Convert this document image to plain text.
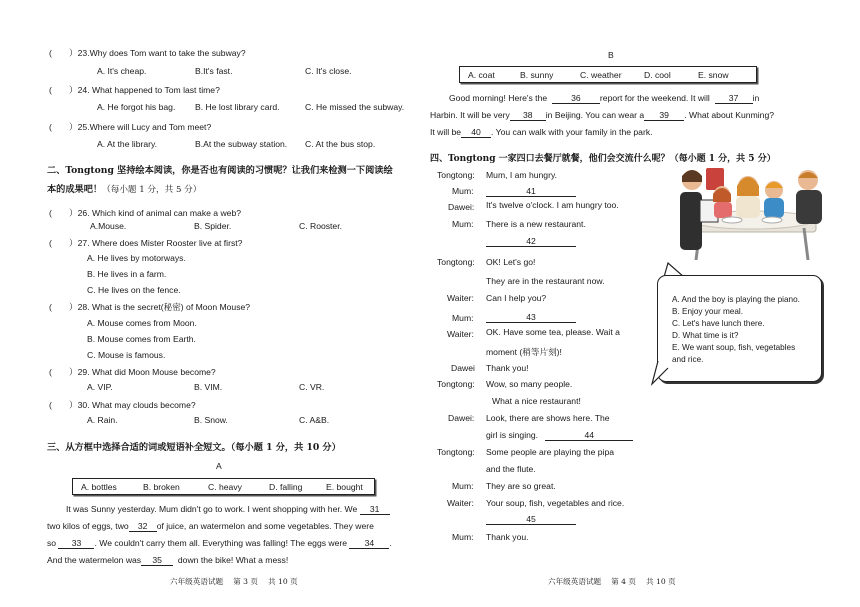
(　　）23.Why does Tom want to take the subway?
A. It's cheap.	B.It's fast.	C. It's close.
(　　）24. What happened to Tom last time?
A. He forgot his bag. B. He lost library card.	C. He missed the subway.
(　　）25.Where will Lucy and Tom meet?
A. At the library.	B.At the subway station. C. At the bus stop.
二、Tongtong 坚持绘本阅读，你是否也有阅读的习惯呢？让我们来检测一下阅读绘
本的成果吧！（每小题 1 分，共 5 分）
(　　）26. Which kind of animal can make a web?
A.Mouse.	B. Spider.	C. Rooster.
(　　）27. Where does Mister Rooster live at first?
A. He lives by motorways.
B. He lives in a farm.
C. He lives on the fence.
(　　）28. What is the secret(秘密) of Moon Mouse?
A. Mouse comes from Moon.
B. Mouse comes from Earth.
C. Mouse is famous.
(　　）29. What did Moon Mouse become?
A. VIP.	B. VIM.	C. VR.
(　　）30. What may clouds become?
A. Rain.	B. Snow.	C. A&B.
三、从方框中选择合适的词或短语补全短文。（每小题 1 分，共 10 分）
A
A. bottles	B. broken	C. heavy	D. falling	E. bought
It was Sunny yesterday. Mum didn't go to work. I went shopping with her. We 31
two kilos of eggs, two 32 of juice, an watermelon and some vegetables. They were
so 33 . We couldn't carry them all. Everything was falling! The eggs were 34 .
And the watermelon was 35 down the bike! What a mess!
六年级英语试题　 第 3 页　 共 10 页
B
A. coat	B. sunny	C. weather	D. cool	E. snow
Good morning! Here's the	36 report for the weekend. It will 37 in
Harbin. It will be very 38 in Beijing. You can wear a 39 . What about Kunming?
It will be 40 . You can walk with your family in the park.
四、Tongtong 一家四口去餐厅就餐，他们会交流什么呢？（每小题 1 分，共 5 分）
Tongtong: Mum, I am hungry.
Mum:	41
Dawei: It's twelve o'clock. I am hungry too.
Mum: There is a new restaurant.
42
Tongtong: OK! Let's go!
They are in the restaurant now.
Waiter: Can I help you?
Mum:	43
Waiter: OK. Have some tea, please. Wait a
moment (稍等片刻)!
Dawei Thank you!
Tongtong: Wow, so many people.
What a nice restaurant!
Dawei: Look, there are shows here. The
girl is singing.	44
Tongtong: Some people are playing the pipa
and the flute.
Mum: They are so great.
Waiter: Your soup, fish, vegetables and rice.
45
Mum: Thank you.
A. And the boy is playing the piano.
B. Enjoy your meal.
C. Let's have lunch there.
D. What time is it?
E. We want soup, fish, vegetables
and rice.
六年级英语试题　 第 4 页　 共 10 页
